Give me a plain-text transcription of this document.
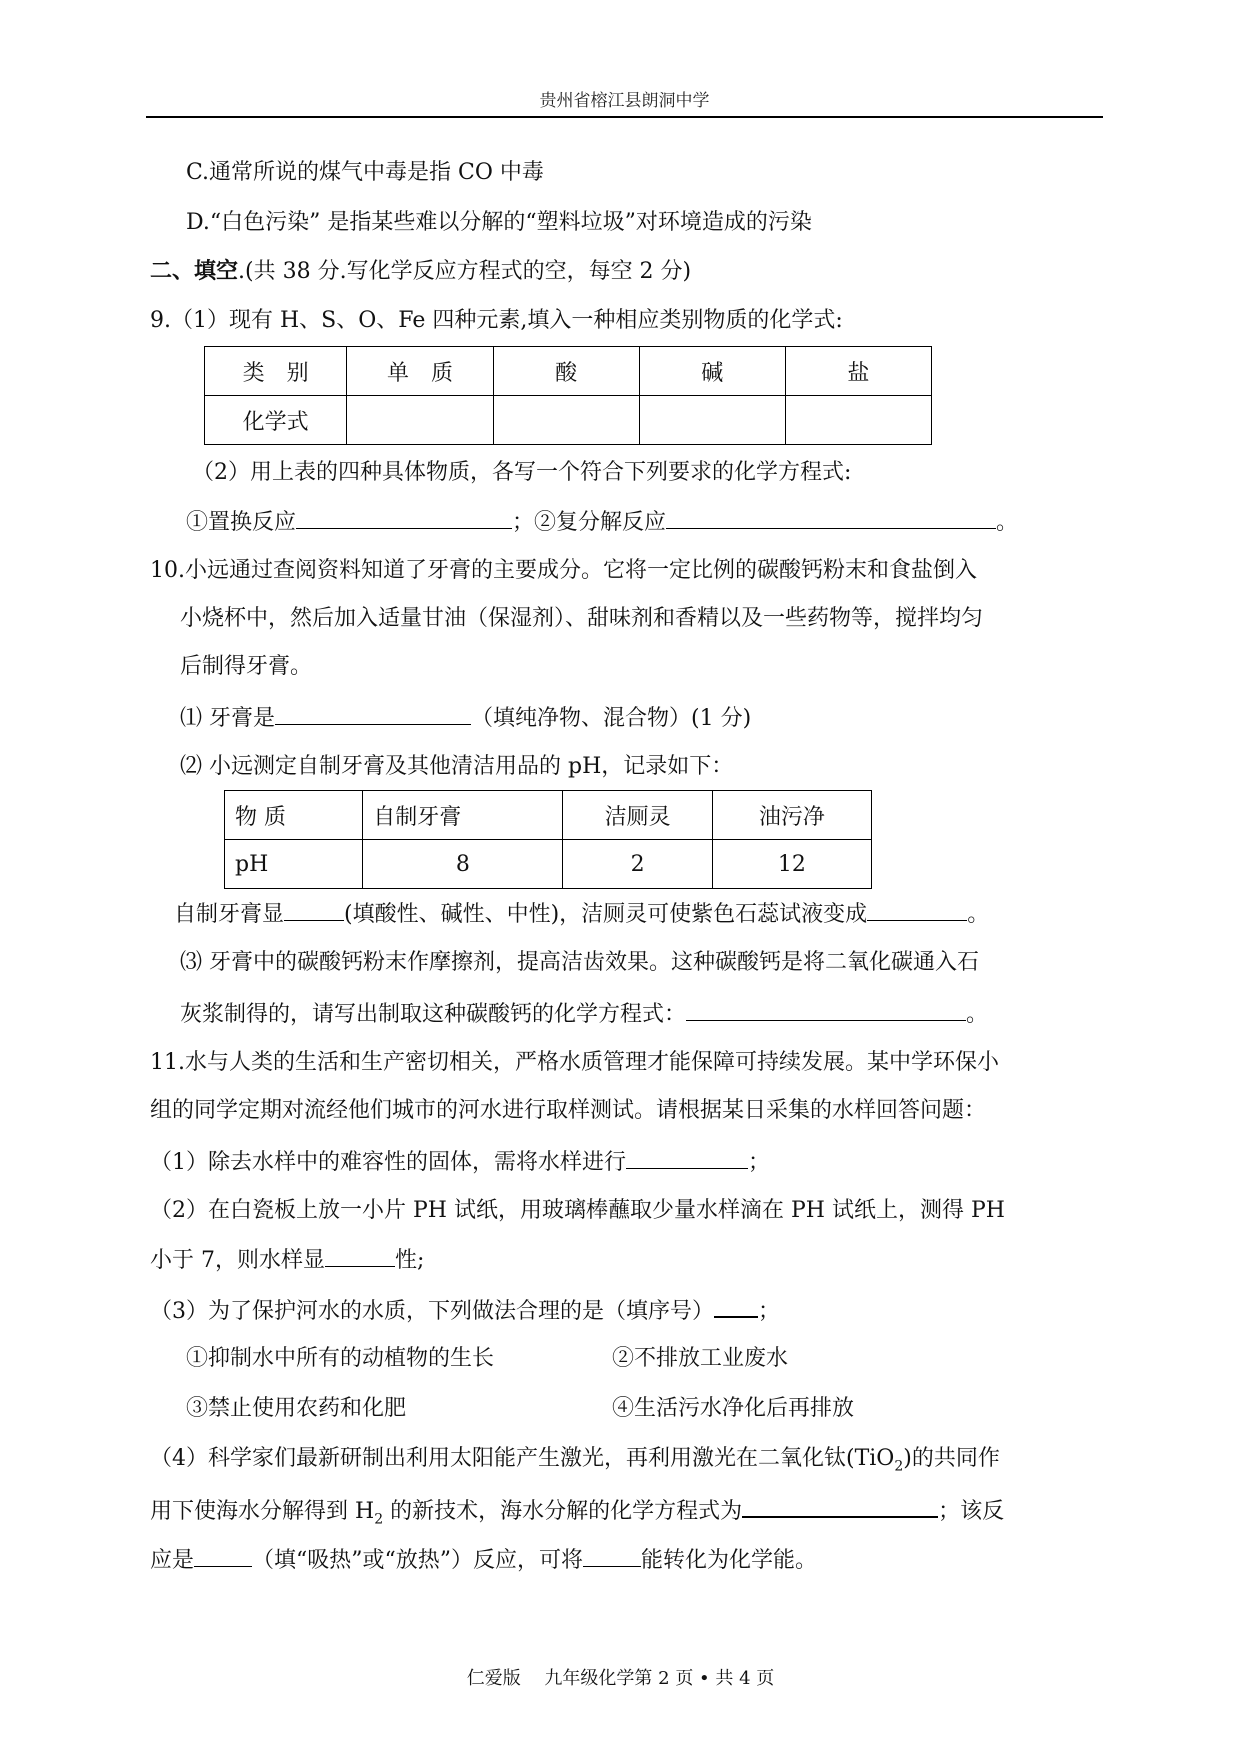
贵州省榕江县朗洞中学
C.通常所说的煤气中毒是指 CO 中毒
D.“白色污染” 是指某些难以分解的“塑料垃圾”对环境造成的污染
二、填空.(共 38 分.写化学反应方程式的空，每空 2 分)
9.（1）现有 H、S、O、Fe 四种元素,填入一种相应类别物质的化学式:
类　别	单　质	酸	碱	盐
化学式				
（2）用上表的四种具体物质，各写一个符合下列要求的化学方程式:
①置换反应	；②复分解反应	。
10.小远通过查阅资料知道了牙膏的主要成分。它将一定比例的碳酸钙粉末和食盐倒入
小烧杯中，然后加入适量甘油（保湿剂）、甜味剂和香精以及一些药物等，搅拌均匀
后制得牙膏。
⑴ 牙膏是	（填纯净物、混合物）(1 分)
⑵ 小远测定自制牙膏及其他清洁用品的 pH，记录如下：
物 质	自制牙膏	洁厕灵	油污净
pH	8	2	12
自制牙膏显	(填酸性、碱性、中性)，洁厕灵可使紫色石蕊试液变成	。
⑶ 牙膏中的碳酸钙粉末作摩擦剂，提高洁齿效果。这种碳酸钙是将二氧化碳通入石
灰浆制得的，请写出制取这种碳酸钙的化学方程式：	。
11.水与人类的生活和生产密切相关，严格水质管理才能保障可持续发展。某中学环保小
组的同学定期对流经他们城市的河水进行取样测试。请根据某日采集的水样回答问题：
（1）除去水样中的难容性的固体，需将水样进行	；
（2）在白瓷板上放一小片 PH 试纸，用玻璃棒蘸取少量水样滴在 PH 试纸上，测得 PH
小于 7，则水样显	性;
（3）为了保护河水的水质，下列做法合理的是（填序号） ；
①抑制水中所有的动植物的生长	②不排放工业废水
③禁止使用农药和化肥	④生活污水净化后再排放
（4）科学家们最新研制出利用太阳能产生激光，再利用激光在二氧化钛(TiO$_2$)的共同作
用下使海水分解得到 $H_2$ 的新技术，海水分解的化学方程式为	；该反
应是	（填“吸热”或“放热”）反应，可将	能转化为化学能。
仁爱版　 九年级化学第 2 页 • 共 4 页
